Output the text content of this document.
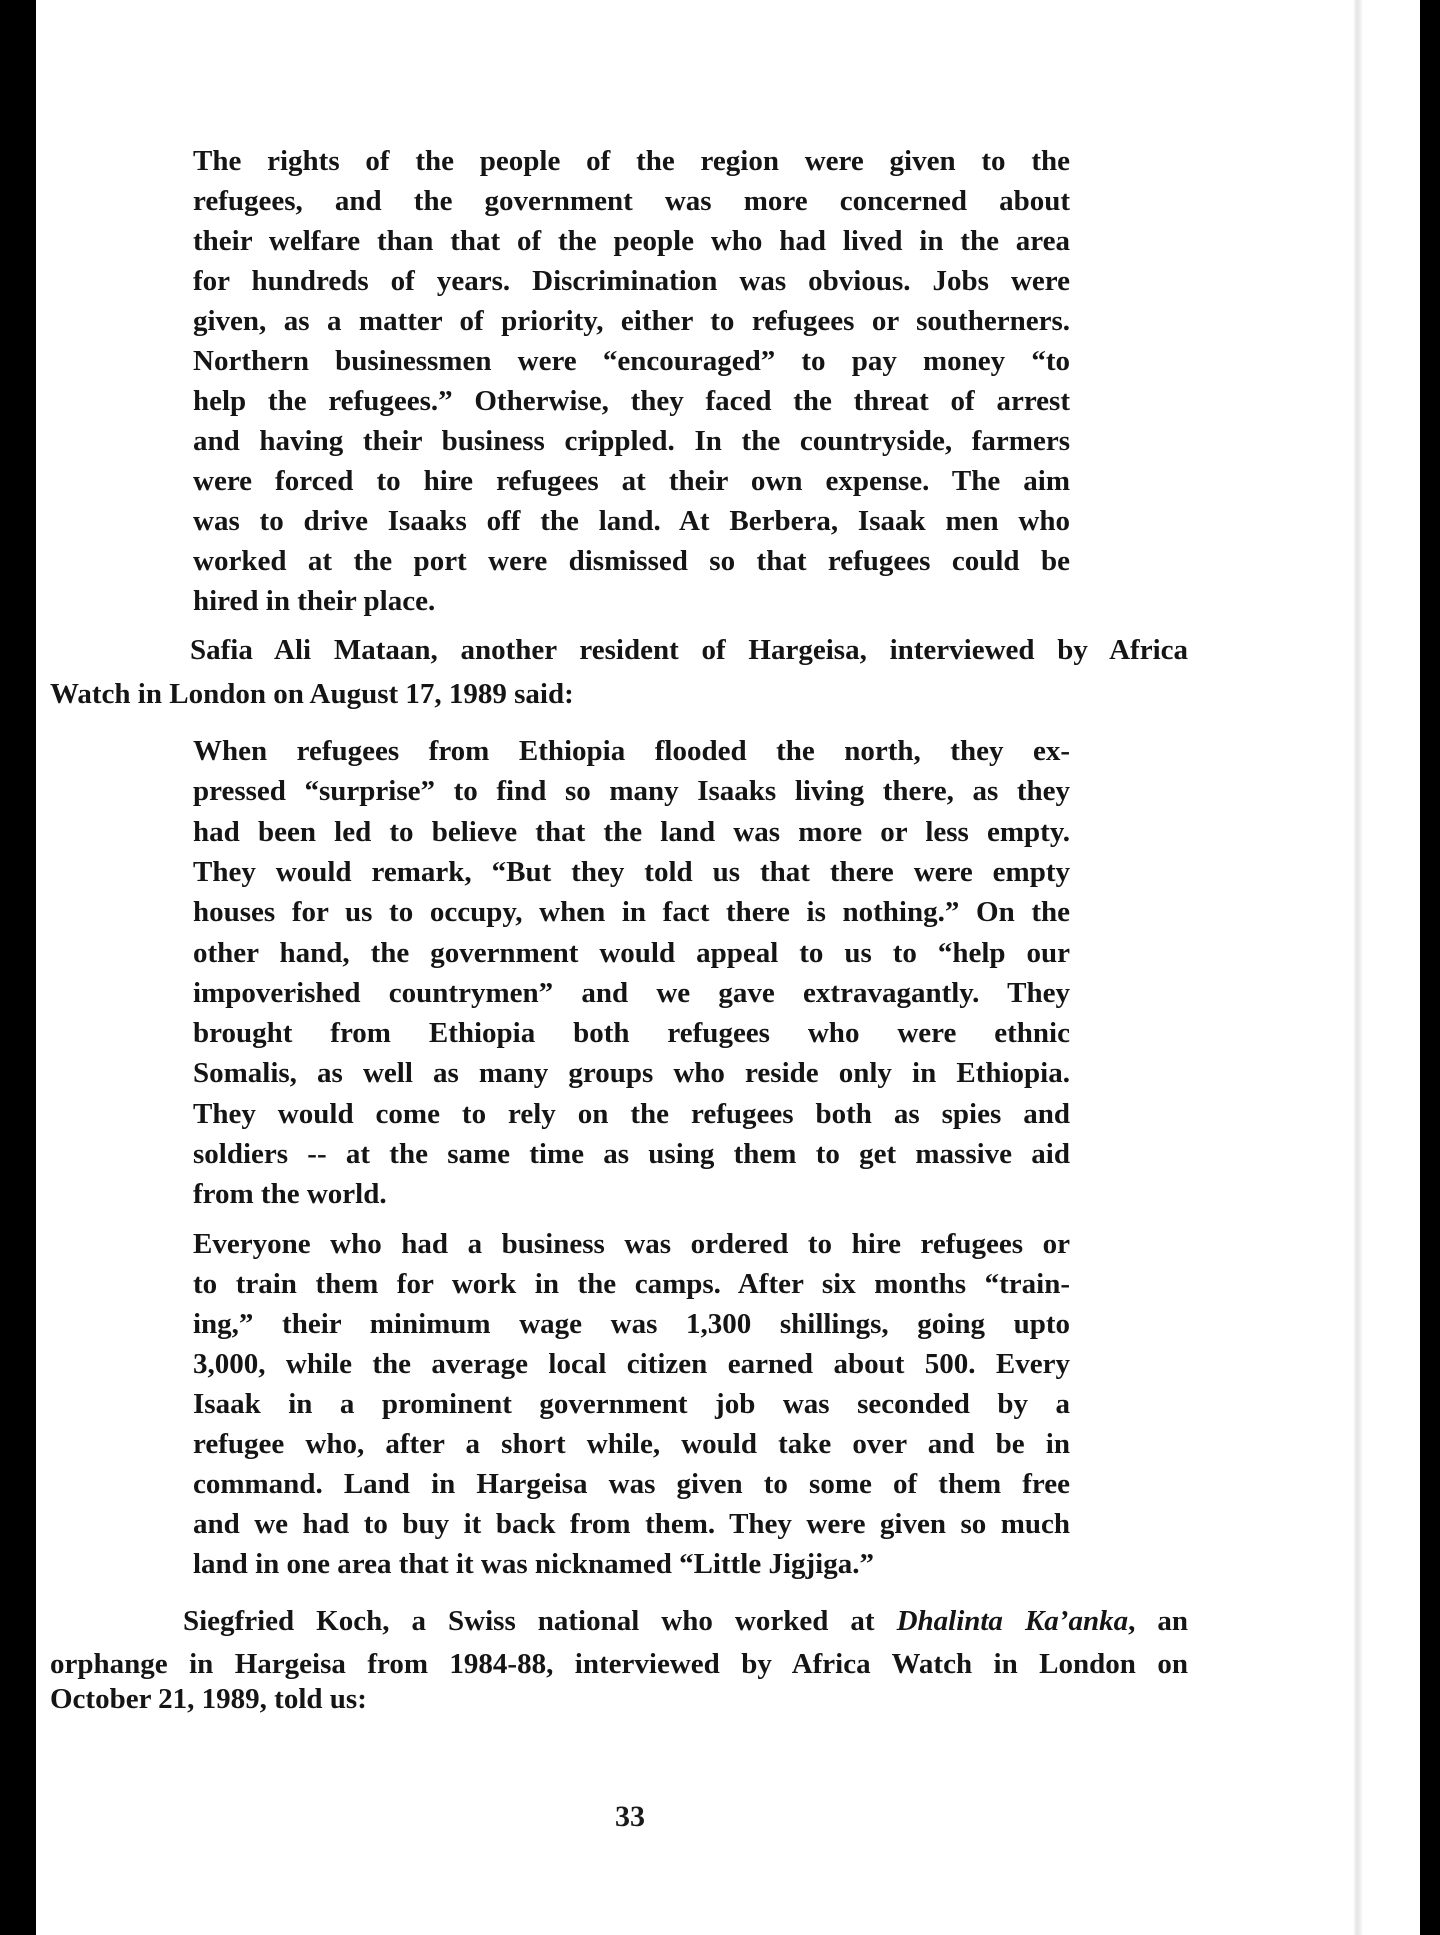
The rights of the people of the region were given to the
refugees, and the government was more concerned about
their welfare than that of the people who had lived in the area
for hundreds of years. Discrimination was obvious. Jobs were
given, as a matter of priority, either to refugees or southerners.
Northern businessmen were “encouraged” to pay money “to
help the refugees.” Otherwise, they faced the threat of arrest
and having their business crippled. In the countryside, farmers
were forced to hire refugees at their own expense. The aim
was to drive Isaaks off the land. At Berbera, Isaak men who
worked at the port were dismissed so that refugees could be
hired in their place.
Safia Ali Mataan, another resident of Hargeisa, interviewed by Africa
Watch in London on August 17, 1989 said:
When refugees from Ethiopia flooded the north, they ex-
pressed “surprise” to find so many Isaaks living there, as they
had been led to believe that the land was more or less empty.
They would remark, “But they told us that there were empty
houses for us to occupy, when in fact there is nothing.” On the
other hand, the government would appeal to us to “help our
impoverished countrymen” and we gave extravagantly. They
brought from Ethiopia both refugees who were ethnic
Somalis, as well as many groups who reside only in Ethiopia.
They would come to rely on the refugees both as spies and
soldiers -- at the same time as using them to get massive aid
from the world.
Everyone who had a business was ordered to hire refugees or
to train them for work in the camps. After six months “train-
ing,” their minimum wage was 1,300 shillings, going upto
3,000, while the average local citizen earned about 500. Every
Isaak in a prominent government job was seconded by a
refugee who, after a short while, would take over and be in
command. Land in Hargeisa was given to some of them free
and we had to buy it back from them. They were given so much
land in one area that it was nicknamed “Little Jigjiga.”
Siegfried Koch, a Swiss national who worked at Dhalinta Ka’anka, an
orphange in Hargeisa from 1984-88, interviewed by Africa Watch in London on
October 21, 1989, told us:
33
